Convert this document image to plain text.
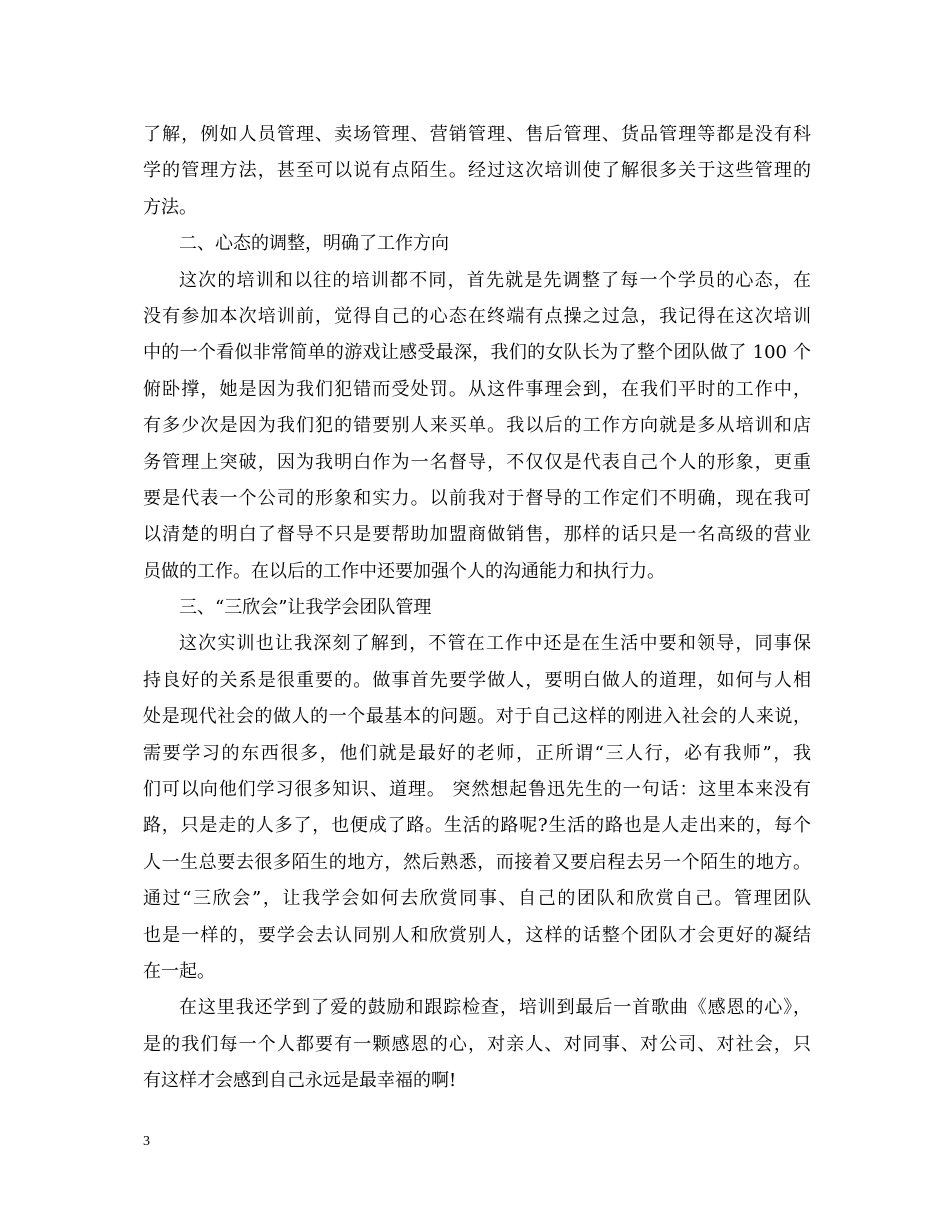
了解，例如人员管理、卖场管理、营销管理、售后管理、货品管理等都是没有科
学的管理方法，甚至可以说有点陌生。经过这次培训使了解很多关于这些管理的
方法。
二、心态的调整，明确了工作方向
这次的培训和以往的培训都不同，首先就是先调整了每一个学员的心态，在
没有参加本次培训前，觉得自己的心态在终端有点操之过急，我记得在这次培训
中的一个看似非常简单的游戏让感受最深，我们的女队长为了整个团队做了 100 个
俯卧撑，她是因为我们犯错而受处罚。从这件事理会到，在我们平时的工作中，
有多少次是因为我们犯的错要别人来买单。我以后的工作方向就是多从培训和店
务管理上突破，因为我明白作为一名督导，不仅仅是代表自己个人的形象，更重
要是代表一个公司的形象和实力。以前我对于督导的工作定们不明确，现在我可
以清楚的明白了督导不只是要帮助加盟商做销售，那样的话只是一名高级的营业
员做的工作。在以后的工作中还要加强个人的沟通能力和执行力。
三、“三欣会”让我学会团队管理
这次实训也让我深刻了解到，不管在工作中还是在生活中要和领导，同事保
持良好的关系是很重要的。做事首先要学做人，要明白做人的道理，如何与人相
处是现代社会的做人的一个最基本的问题。对于自己这样的刚进入社会的人来说，
需要学习的东西很多，他们就是最好的老师，正所谓“三人行，必有我师”，我
们可以向他们学习很多知识、道理。 突然想起鲁迅先生的一句话：这里本来没有
路，只是走的人多了，也便成了路。生活的路呢?生活的路也是人走出来的，每个
人一生总要去很多陌生的地方，然后熟悉，而接着又要启程去另一个陌生的地方。
通过“三欣会”，让我学会如何去欣赏同事、自己的团队和欣赏自己。管理团队
也是一样的，要学会去认同别人和欣赏别人，这样的话整个团队才会更好的凝结
在一起。
在这里我还学到了爱的鼓励和跟踪检查，培训到最后一首歌曲《感恩的心》，
是的我们每一个人都要有一颗感恩的心，对亲人、对同事、对公司、对社会，只
有这样才会感到自己永远是最幸福的啊!
3
